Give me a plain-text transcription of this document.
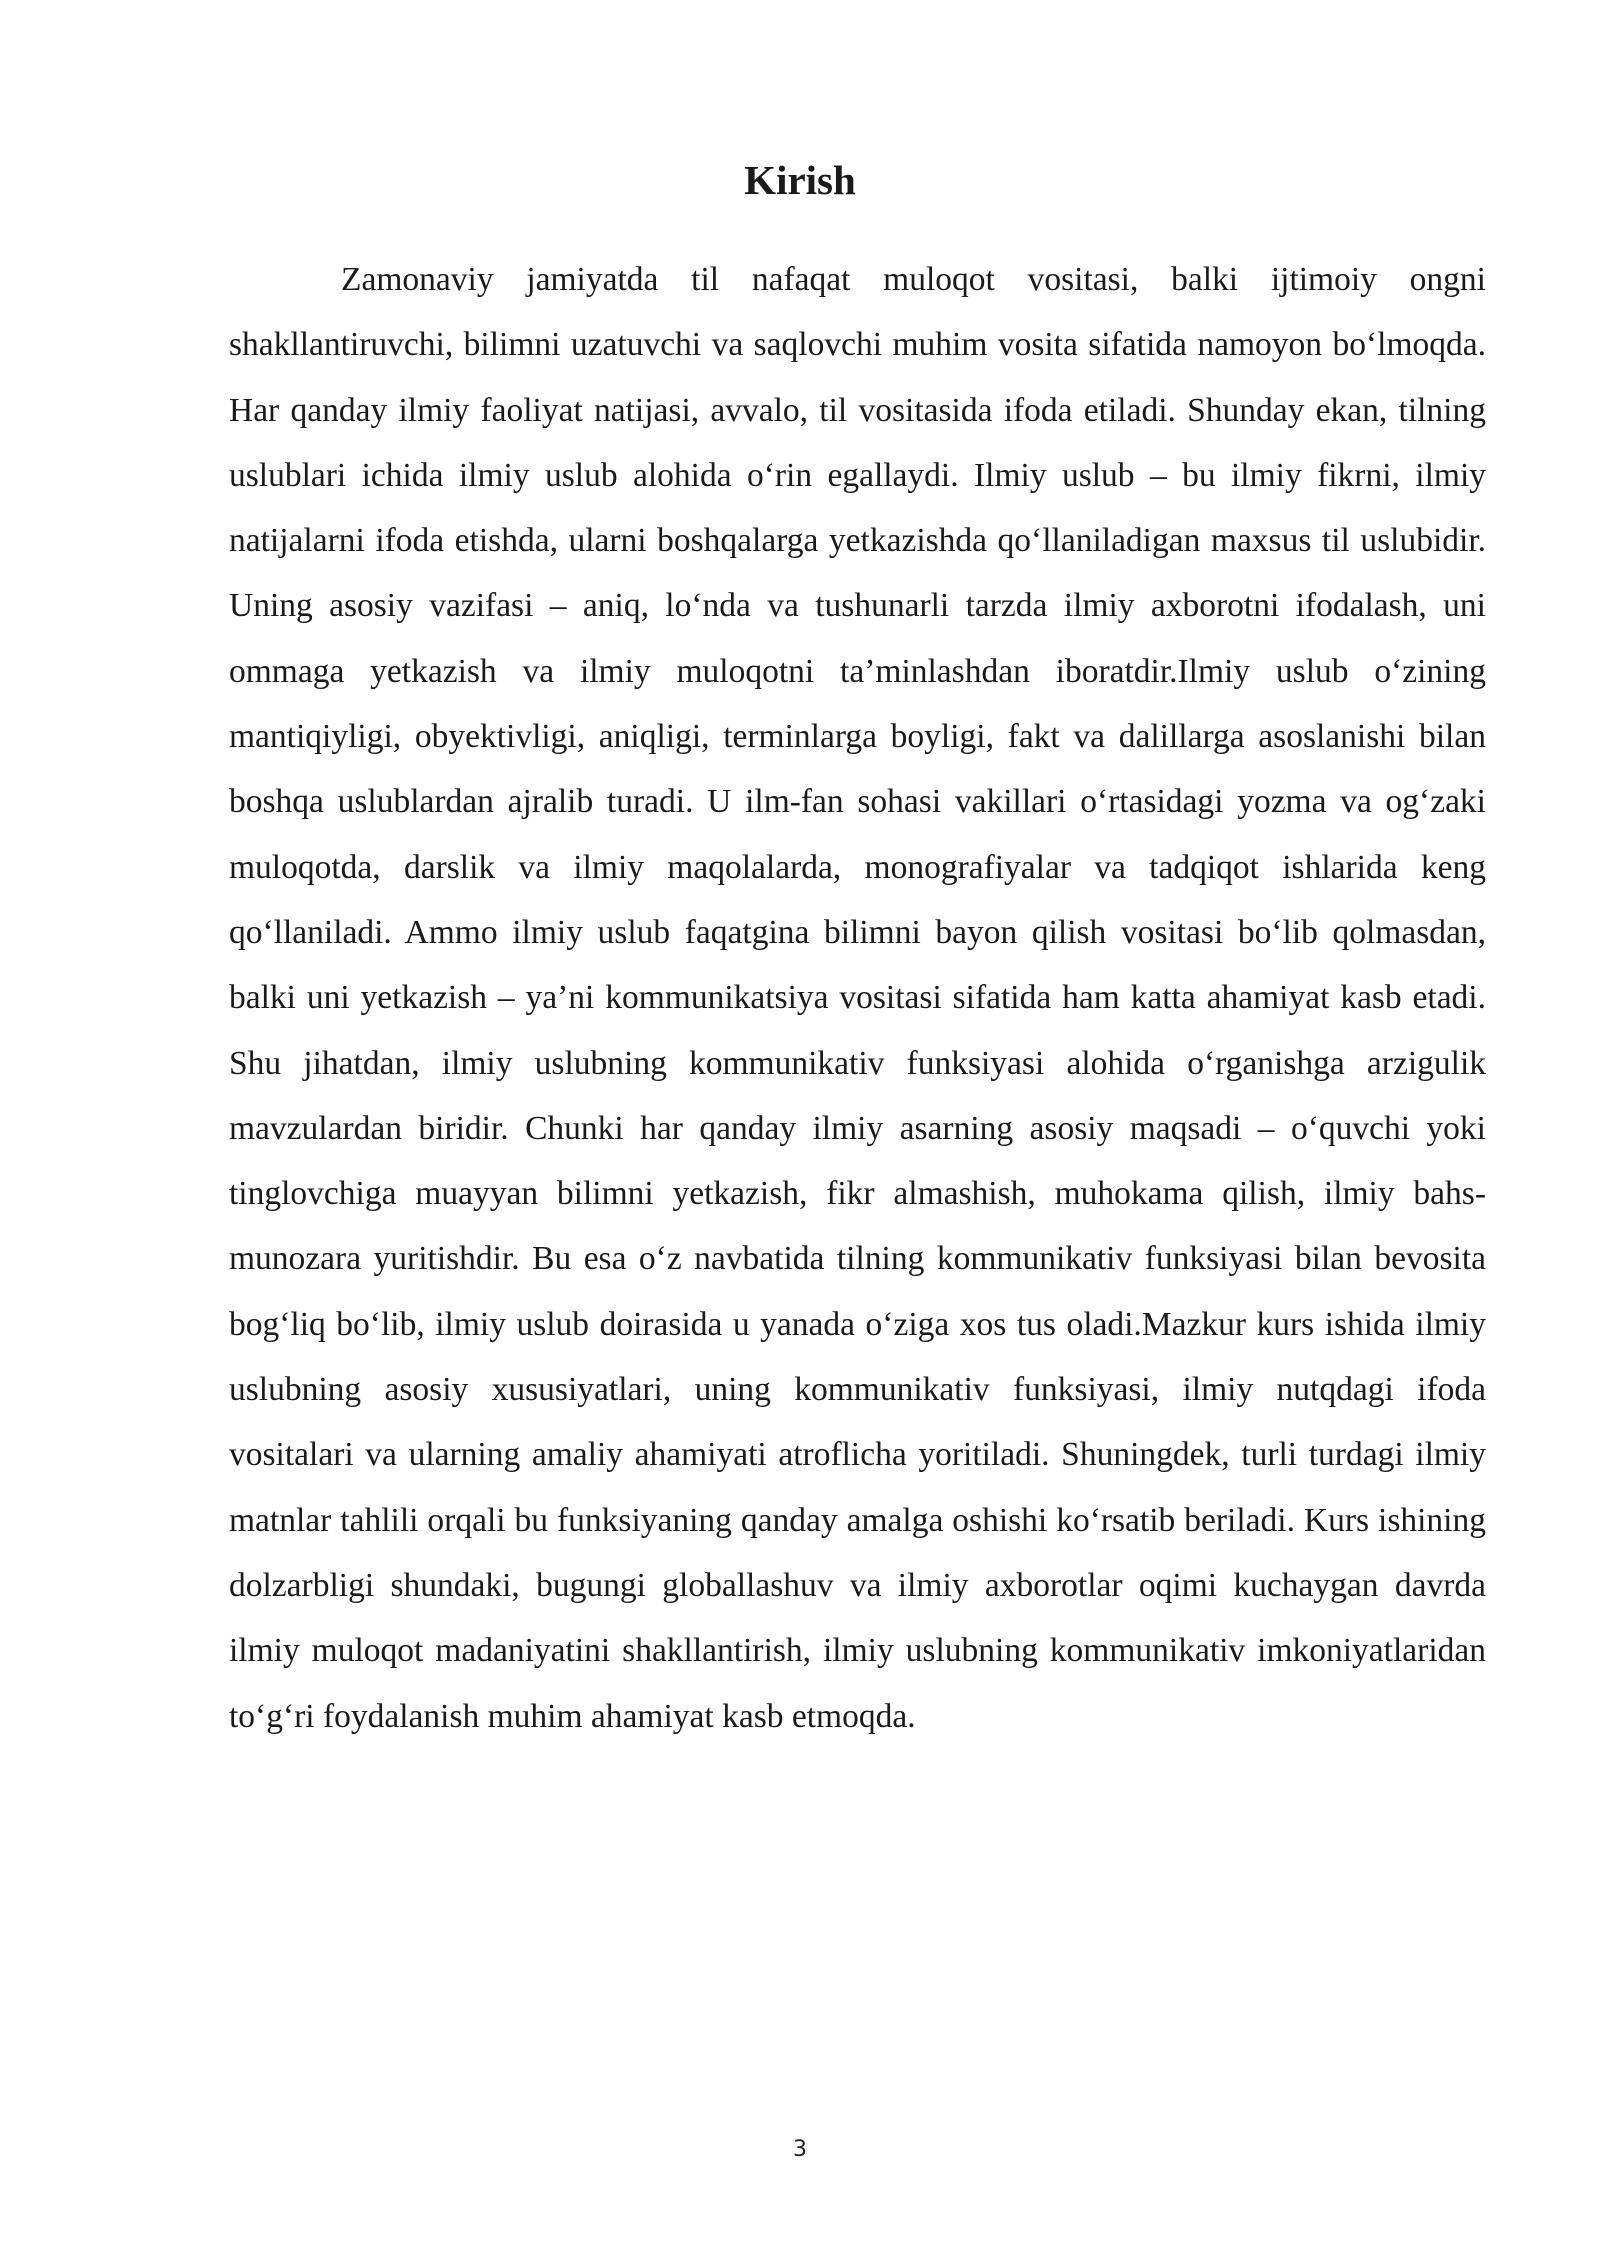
Kirish

Zamonaviy jamiyatda til nafaqat muloqot vositasi, balki ijtimoiy ongni shakllantiruvchi, bilimni uzatuvchi va saqlovchi muhim vosita sifatida namoyon bo‘lmoqda. Har qanday ilmiy faoliyat natijasi, avvalo, til vositasida ifoda etiladi. Shunday ekan, tilning uslublari ichida ilmiy uslub alohida o‘rin egallaydi. Ilmiy uslub – bu ilmiy fikrni, ilmiy natijalarni ifoda etishda, ularni boshqalarga yetkazishda qo‘llaniladigan maxsus til uslubidir. Uning asosiy vazifasi – aniq, lo‘nda va tushunarli tarzda ilmiy axborotni ifodalash, uni ommaga yetkazish va ilmiy muloqotni ta’minlashdan iboratdir.Ilmiy uslub o‘zining mantiqiyligi, obyektivligi, aniqligi, terminlarga boyligi, fakt va dalillarga asoslanishi bilan boshqa uslublardan ajralib turadi. U ilm-fan sohasi vakillari o‘rtasidagi yozma va og‘zaki muloqotda, darslik va ilmiy maqolalarda, monografiyalar va tadqiqot ishlarida keng qo‘llaniladi. Ammo ilmiy uslub faqatgina bilimni bayon qilish vositasi bo‘lib qolmasdan, balki uni yetkazish – ya’ni kommunikatsiya vositasi sifatida ham katta ahamiyat kasb etadi. Shu jihatdan, ilmiy uslubning kommunikativ funksiyasi alohida o‘rganishga arzigulik mavzulardan biridir. Chunki har qanday ilmiy asarning asosiy maqsadi – o‘quvchi yoki tinglovchiga muayyan bilimni yetkazish, fikr almashish, muhokama qilish, ilmiy bahs-munozara yuritishdir. Bu esa o‘z navbatida tilning kommunikativ funksiyasi bilan bevosita bog‘liq bo‘lib, ilmiy uslub doirasida u yanada o‘ziga xos tus oladi.Mazkur kurs ishida ilmiy uslubning asosiy xususiyatlari, uning kommunikativ funksiyasi, ilmiy nutqdagi ifoda vositalari va ularning amaliy ahamiyati atroflicha yoritiladi. Shuningdek, turli turdagi ilmiy matnlar tahlili orqali bu funksiyaning qanday amalga oshishi ko‘rsatib beriladi. Kurs ishining dolzarbligi shundaki, bugungi globallashuv va ilmiy axborotlar oqimi kuchaygan davrda ilmiy muloqot madaniyatini shakllantirish, ilmiy uslubning kommunikativ imkoniyatlaridan to‘g‘ri foydalanish muhim ahamiyat kasb etmoqda.

3
